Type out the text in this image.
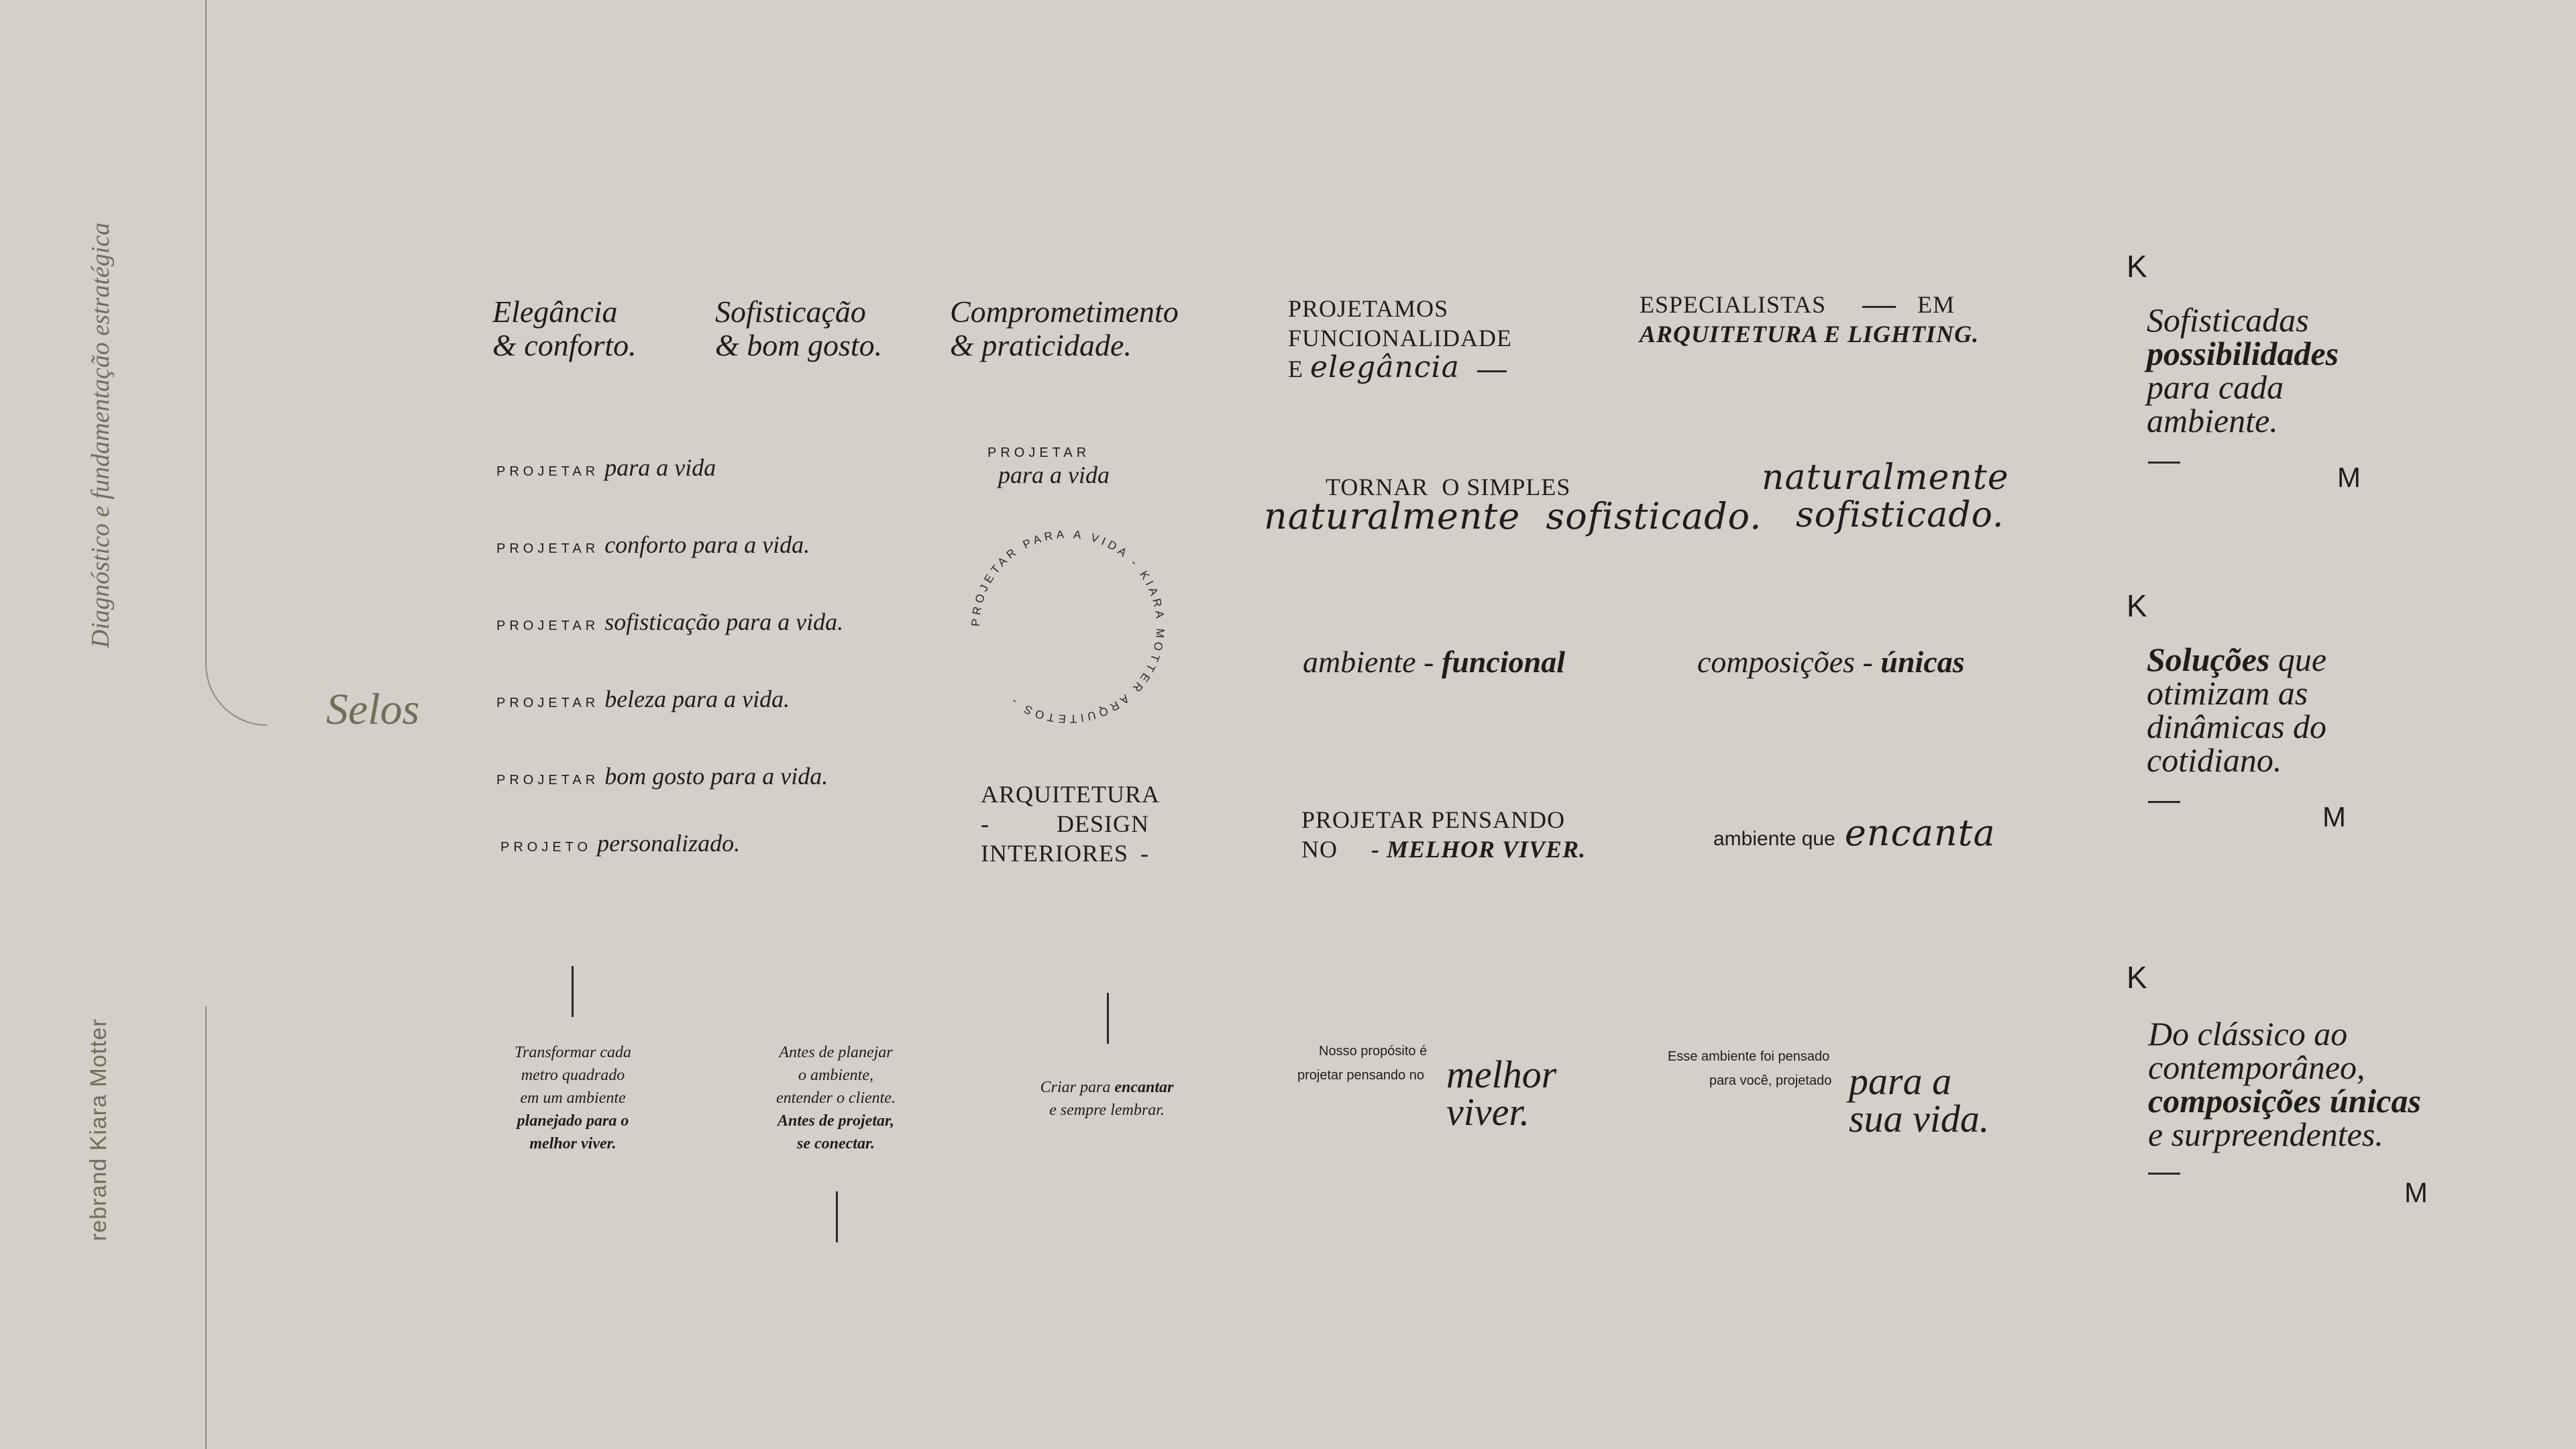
Diagnóstico e fundamentação estratégica
rebrand Kiara Motter
Selos
Elegância
& conforto.
Sofisticação
& bom gosto.
Comprometimento
& praticidade.
PROJETAMOS
FUNCIONALIDADE
E elegância
ESPECIALISTAS	EM
ARQUITETURA E LIGHTING.
PROJETAR para a vida
PROJETAR conforto para a vida.
PROJETAR sofisticação para a vida.
PROJETAR beleza para a vida.
PROJETAR bom gosto para a vida.
PROJETO personalizado.
PROJETAR
para a vida
PROJETAR PARA A VIDA - KIARA MOTTER ARQUITETOS -
ARQUITETURA
-	DESIGN
INTERIORES -
TORNAR O SIMPLES
naturalmente sofisticado.
naturalmente
sofisticado.
ambiente - funcional	composições - únicas
PROJETAR PENSANDO
NO - MELHOR VIVER.	ambiente que encanta
Transformar cada
metro quadrado
em um ambiente
planejado para o
melhor viver.
Antes de planejar
o ambiente,
entender o cliente.
Antes de projetar,
se conectar.
Criar para encantar
e sempre lembrar.
Nosso propósito é
projetar pensando no melhor
viver.
Esse ambiente foi pensado
para você, projetado para a
sua vida.
K
Sofisticadas
possibilidades
para cada
ambiente.
M
K
Soluções que
otimizam as
dinâmicas do
cotidiano.
M
K
Do clássico ao
contemporâneo,
composições únicas
e surpreendentes.
M
